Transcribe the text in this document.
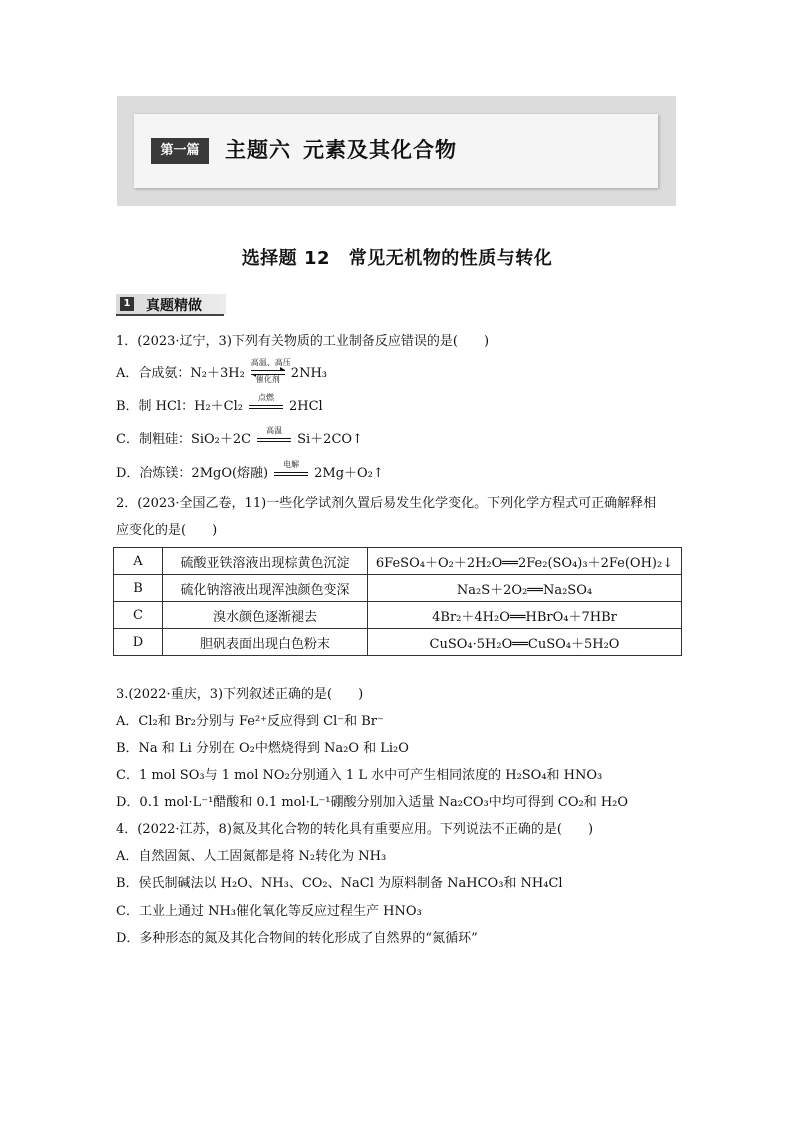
第一篇	主题六 元素及其化合物
选择题 12 常见无机物的性质与转化
1 真题精做
1．(2023·辽宁，3)下列有关物质的工业制备反应错误的是(　　)
A．合成氨：N₂＋3H₂
高温、高压
催化剂 2NH₃
B．制 HCl：H₂＋Cl₂
点燃
2HCl
C．制粗硅：SiO₂＋2C
高温
Si＋2CO↑
D．冶炼镁：2MgO(熔融)
电解
2Mg＋O₂↑
2．(2023·全国乙卷，11)一些化学试剂久置后易发生化学变化。下列化学方程式可正确解释相
应变化的是(　　)
A	硫酸亚铁溶液出现棕黄色沉淀	6FeSO₄＋O₂＋2H₂O══2Fe₂(SO₄)₃＋2Fe(OH)₂↓
B	硫化钠溶液出现浑浊颜色变深	Na₂S＋2O₂══Na₂SO₄
C	溴水颜色逐渐褪去	4Br₂＋4H₂O══HBrO₄＋7HBr
D	胆矾表面出现白色粉末	CuSO₄·5H₂O══CuSO₄＋5H₂O
3.(2022·重庆，3)下列叙述正确的是(　　)
A．Cl₂和 Br₂分别与 Fe²⁺反应得到 Cl⁻和 Br⁻
B．Na 和 Li 分别在 O₂中燃烧得到 Na₂O 和 Li₂O
C．1 mol SO₃与 1 mol NO₂分别通入 1 L 水中可产生相同浓度的 H₂SO₄和 HNO₃
D．0.1 mol·L⁻¹醋酸和 0.1 mol·L⁻¹硼酸分别加入适量 Na₂CO₃中均可得到 CO₂和 H₂O
4．(2022·江苏，8)氮及其化合物的转化具有重要应用。下列说法不正确的是(　　)
A．自然固氮、人工固氮都是将 N₂转化为 NH₃
B．侯氏制碱法以 H₂O、NH₃、CO₂、NaCl 为原料制备 NaHCO₃和 NH₄Cl
C．工业上通过 NH₃催化氧化等反应过程生产 HNO₃
D．多种形态的氮及其化合物间的转化形成了自然界的“氮循环”
